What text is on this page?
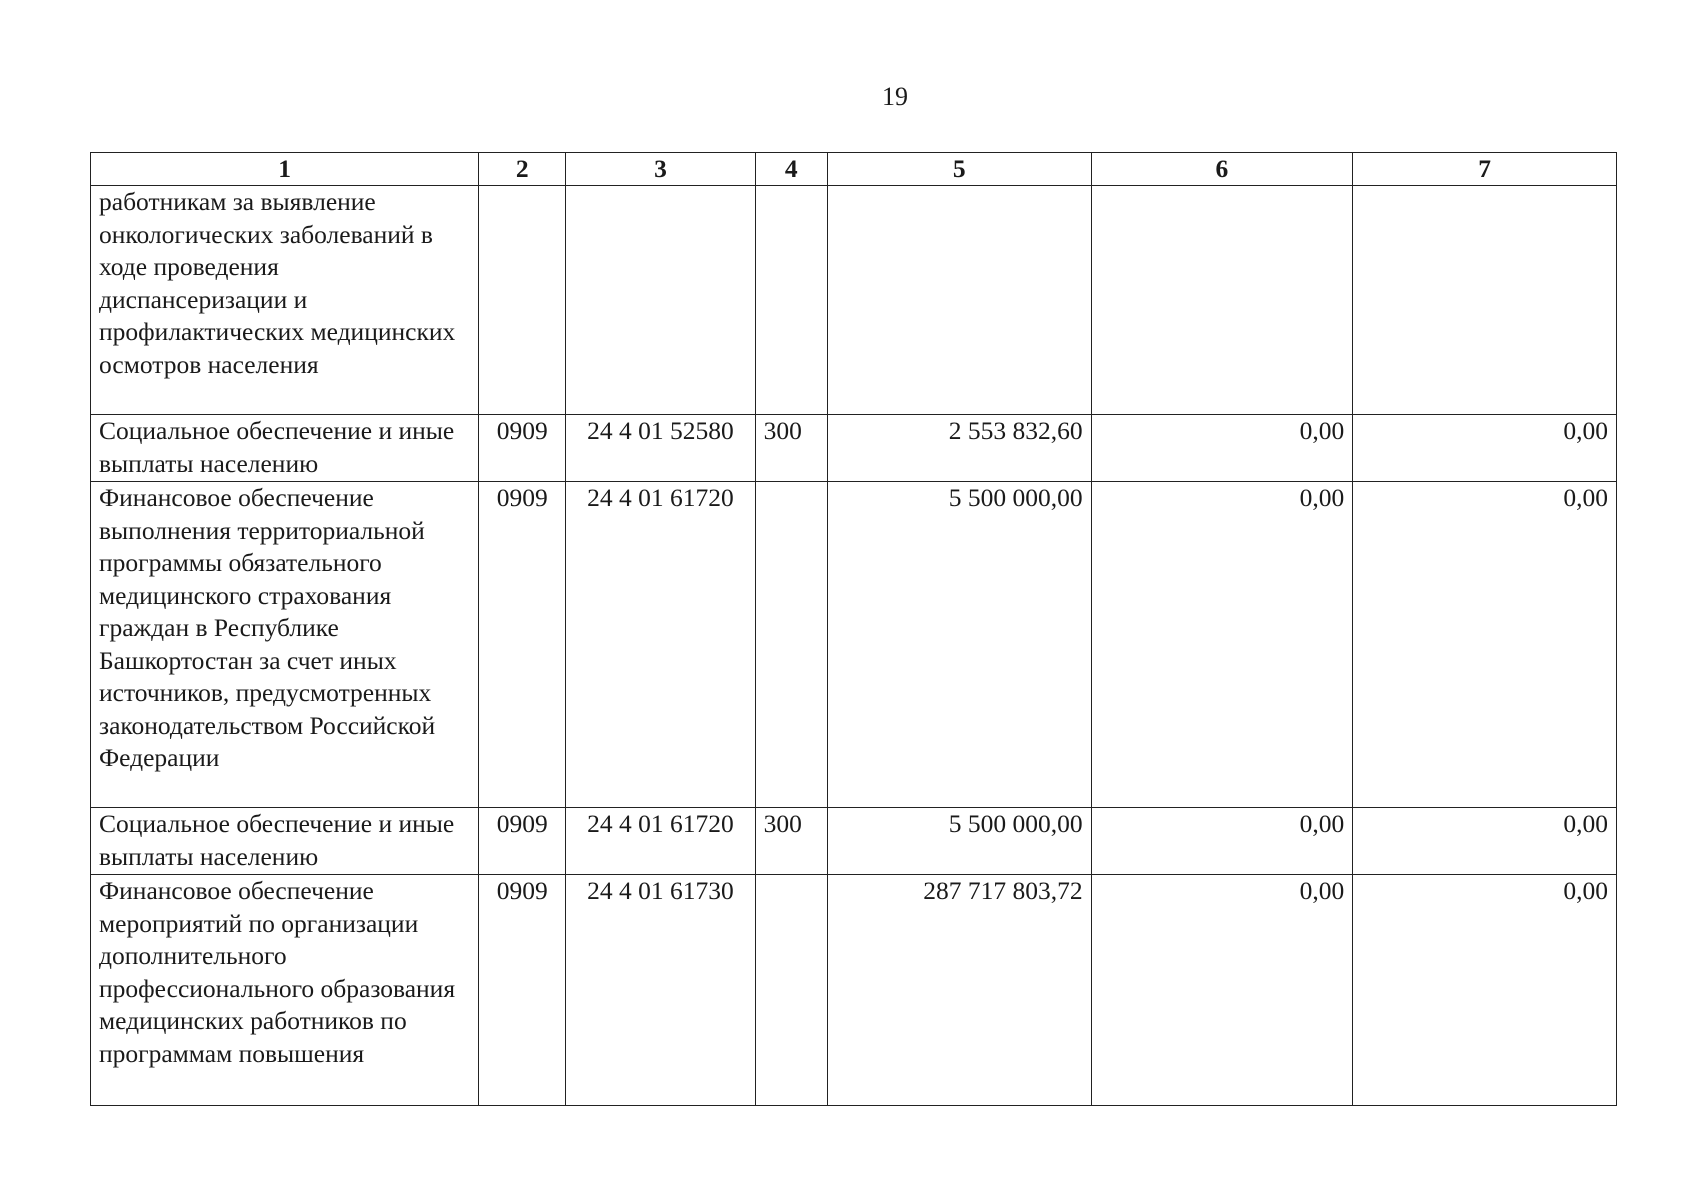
19
1	2	3	4	5	6	7
работникам за выявление онкологических заболеваний в ходе проведения диспансеризации и профилактических медицинских осмотров населения						
Социальное обеспечение и иные выплаты населению	0909	24 4 01 52580	300	2 553 832,60	0,00	0,00
Финансовое обеспечение выполнения территориальной программы обязательного медицинского страхования граждан в Республике Башкортостан за счет иных источников, предусмотренных законодательством Российской Федерации	0909	24 4 01 61720		5 500 000,00	0,00	0,00
Социальное обеспечение и иные выплаты населению	0909	24 4 01 61720	300	5 500 000,00	0,00	0,00
Финансовое обеспечение мероприятий по организации дополнительного профессионального образования медицинских работников по программам повышения	0909	24 4 01 61730		287 717 803,72	0,00	0,00
